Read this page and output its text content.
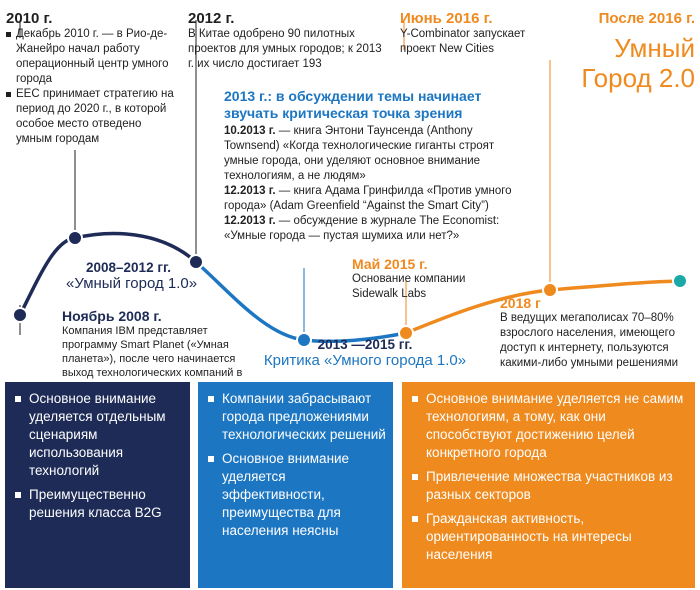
2010 г.
Декабрь 2010 г. — в Рио-де-Жанейро начал работу операционный центр умного города
ЕЕС принимает стратегию на период до 2020 г., в которой особое место отведено умным городам
2012 г.
В Китае одобрено 90 пилотных проектов для умных городов; к 2013 г. их число достигает 193
Июнь 2016 г.
Y-Combinator запускает проект New Cities
После 2016 г.
Умный
Город 2.0
2013 г.: в обсуждении темы начинает звучать критическая точка зрения
10.2013 г. — книга Энтони Таунсенда (Anthony Townsend) «Когда технологические гиганты строят умные города, они уделяют основное внимание технологиям, а не людям»
12.2013 г. — книга Адама Гринфилда «Против умного города» (Adam Greenfield “Against the Smart City”)
12.2013 г. — обсуждение в журнале The Economist: «Умные города — пустая шумиха или нет?»
2008–2012 гг.
«Умный город 1.0»
Ноябрь 2008 г.
Компания IBM представляет программу Smart Planet («Умная планета»), после чего начинается выход технологических компаний в
2013 —2015 гг.
Критика «Умного города 1.0»
Май 2015 г.
Основание компании Sidewalk Labs
2018 г
В ведущих мегаполисах 70–80% взрослого населения, имеющего доступ к интернету, пользуются какими-либо умными решениями
Основное внимание уделяется отдельным сценариям использования технологий
Преимущественно решения класса B2G
Компании забрасывают города предложениями технологических решений
Основное внимание уделяется эффективности, преимущества для населения неясны
Основное внимание уделяется не самим технологиям, а тому, как они способствуют достижению целей конкретного города
Привлечение множества участников из разных секторов
Гражданская активность, ориентированность на интересы населения
